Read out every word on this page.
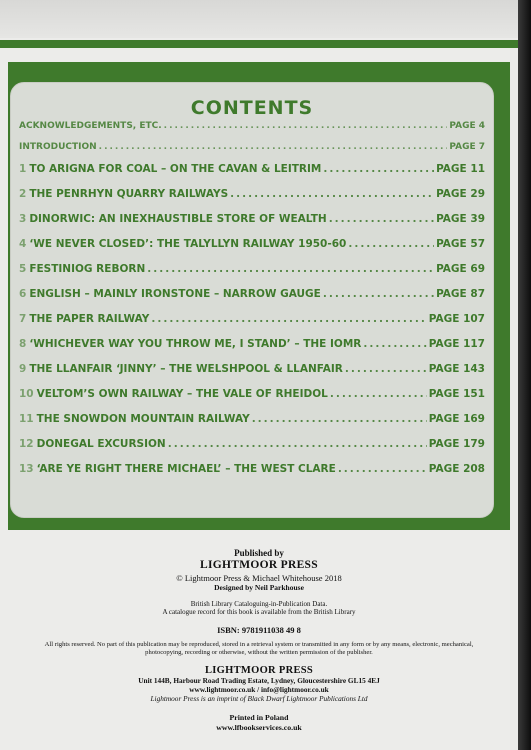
CONTENTS
ACKNOWLEDGEMENTS, ETC. .....	PAGE 4
INTRODUCTION .....	PAGE 7
1 TO ARIGNA FOR COAL – ON THE CAVAN & LEITRIM .....	PAGE 11
2 THE PENRHYN QUARRY RAILWAYS .....	PAGE 29
3 DINORWIC: AN INEXHAUSTIBLE STORE OF WEALTH .....	PAGE 39
4 ‘WE NEVER CLOSED’: THE TALYLLYN RAILWAY 1950-60 .....	PAGE 57
5 FESTINIOG REBORN .....	PAGE 69
6 ENGLISH – MAINLY IRONSTONE – NARROW GAUGE .....	PAGE 87
7 THE PAPER RAILWAY .....	PAGE 107
8 ‘WHICHEVER WAY YOU THROW ME, I STAND’ – THE IOMR .....	PAGE 117
9 THE LLANFAIR ‘JINNY’ – THE WELSHPOOL & LLANFAIR .....	PAGE 143
10 VELTOM’S OWN RAILWAY – THE VALE OF RHEIDOL .....	PAGE 151
11 THE SNOWDON MOUNTAIN RAILWAY .....	PAGE 169
12 DONEGAL EXCURSION .....	PAGE 179
13 ‘ARE YE RIGHT THERE MICHAEL’ – THE WEST CLARE .....	PAGE 208
Published by
LIGHTMOOR PRESS
© Lightmoor Press & Michael Whitehouse 2018
Designed by Neil Parkhouse
British Library Cataloguing-in-Publication Data.
A catalogue record for this book is available from the British Library
ISBN: 9781911038 49 8
All rights reserved. No part of this publication may be reproduced, stored in a retrieval system or transmitted in any form or by any means, electronic, mechanical, photocopying, recording or otherwise, without the written permission of the publisher.
LIGHTMOOR PRESS
Unit 144B, Harbour Road Trading Estate, Lydney, Gloucestershire GL15 4EJ
www.lightmoor.co.uk / info@lightmoor.co.uk
Lightmoor Press is an imprint of Black Dwarf Lightmoor Publications Ltd
Printed in Poland
www.lfbookservices.co.uk
